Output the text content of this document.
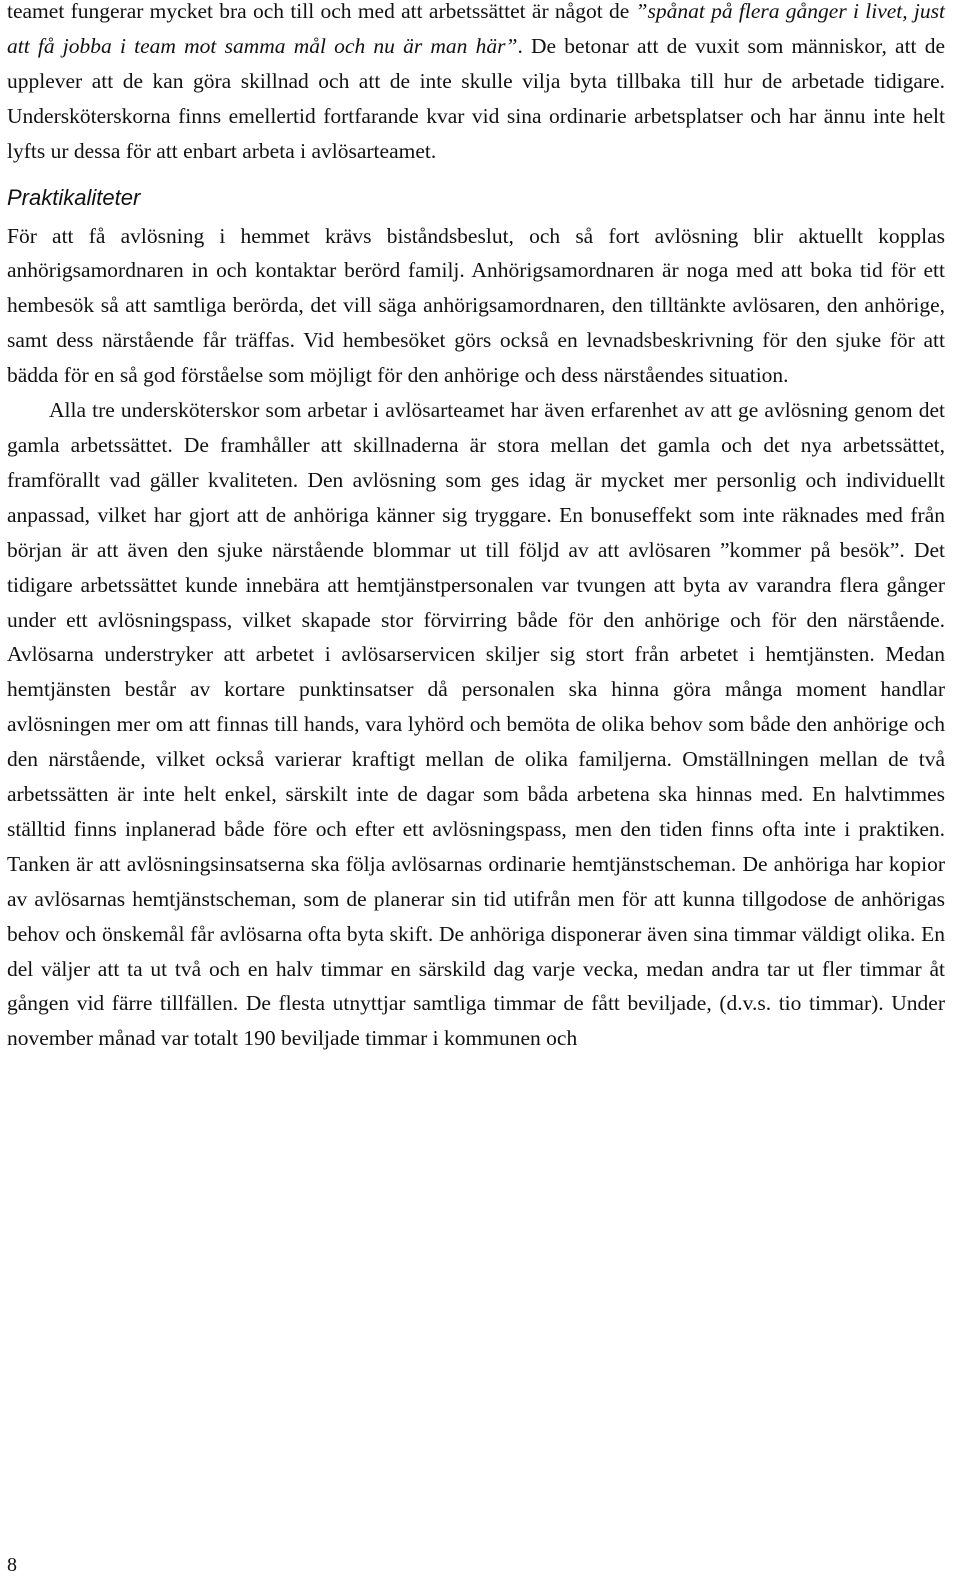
teamet fungerar mycket bra och till och med att arbetssättet är något de ”spånat på flera gånger i livet, just att få jobba i team mot samma mål och nu är man här”. De betonar att de vuxit som människor, att de upplever att de kan göra skillnad och att de inte skulle vilja byta tillbaka till hur de arbetade tidigare. Undersköterskorna finns emellertid fortfarande kvar vid sina ordinarie arbetsplatser och har ännu inte helt lyfts ur dessa för att enbart arbeta i avlösarteamet.

Praktikaliteter

För att få avlösning i hemmet krävs biståndsbeslut, och så fort avlösning blir aktuellt kopplas anhörigsamordnaren in och kontaktar berörd familj. Anhörigsamordnaren är noga med att boka tid för ett hembesök så att samtliga berörda, det vill säga anhörigsamordnaren, den tilltänkte avlösaren, den anhörige, samt dess närstående får träffas. Vid hembesöket görs också en levnadsbeskrivning för den sjuke för att bädda för en så god förståelse som möjligt för den anhörige och dess närståendes situation.

Alla tre undersköterskor som arbetar i avlösarteamet har även erfarenhet av att ge avlösning genom det gamla arbetssättet. De framhåller att skillnaderna är stora mellan det gamla och det nya arbetssättet, framförallt vad gäller kvaliteten. Den avlösning som ges idag är mycket mer personlig och individuellt anpassad, vilket har gjort att de anhöriga känner sig tryggare. En bonuseffekt som inte räknades med från början är att även den sjuke närstående blommar ut till följd av att avlösaren ”kommer på besök”. Det tidigare arbetssättet kunde innebära att hemtjänstpersonalen var tvungen att byta av varandra flera gånger under ett avlösningspass, vilket skapade stor förvirring både för den anhörige och för den närstående. Avlösarna understryker att arbetet i avlösarservicen skiljer sig stort från arbetet i hemtjänsten. Medan hemtjänsten består av kortare punktinsatser då personalen ska hinna göra många moment handlar avlösningen mer om att finnas till hands, vara lyhörd och bemöta de olika behov som både den anhörige och den närstående, vilket också varierar kraftigt mellan de olika familjerna. Omställningen mellan de två arbetssätten är inte helt enkel, särskilt inte de dagar som båda arbetena ska hinnas med. En halvtimmes ställtid finns inplanerad både före och efter ett avlösningspass, men den tiden finns ofta inte i praktiken. Tanken är att avlösningsinsatserna ska följa avlösarnas ordinarie hemtjänstscheman. De anhöriga har kopior av avlösarnas hemtjänstscheman, som de planerar sin tid utifrån men för att kunna tillgodose de anhörigas behov och önskemål får avlösarna ofta byta skift. De anhöriga disponerar även sina timmar väldigt olika. En del väljer att ta ut två och en halv timmar en särskild dag varje vecka, medan andra tar ut fler timmar åt gången vid färre tillfällen. De flesta utnyttjar samtliga timmar de fått beviljade, (d.v.s. tio timmar). Under november månad var totalt 190 beviljade timmar i kommunen och

8
